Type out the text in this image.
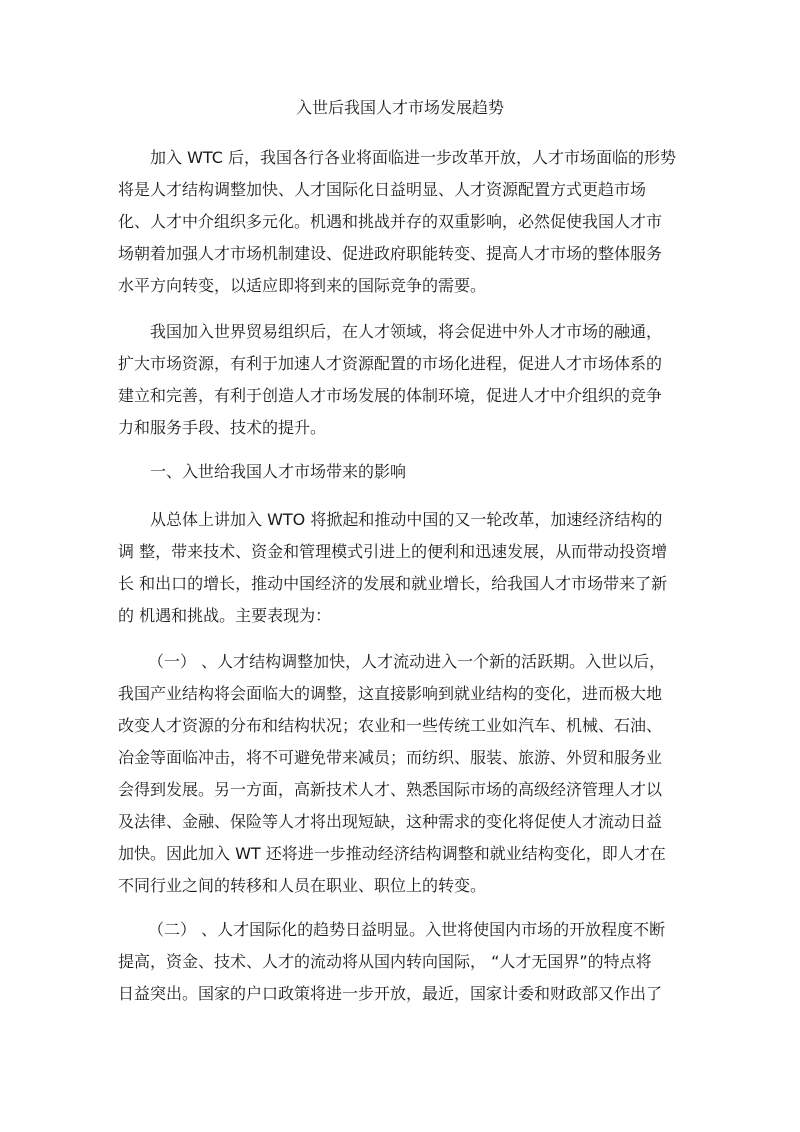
入世后我国人才市场发展趋势
加入 WTC 后，我国各行各业将面临进一步改革开放，人才市场面临的形势
将是人才结构调整加快、人才国际化日益明显、人才资源配置方式更趋市场
化、人才中介组织多元化。机遇和挑战并存的双重影响，必然促使我国人才市
场朝着加强人才市场机制建设、促进政府职能转变、提高人才市场的整体服务
水平方向转变，以适应即将到来的国际竞争的需要。
我国加入世界贸易组织后，在人才领域，将会促进中外人才市场的融通，
扩大市场资源，有利于加速人才资源配置的市场化进程，促进人才市场体系的
建立和完善，有利于创造人才市场发展的体制环境，促进人才中介组织的竞争
力和服务手段、技术的提升。
一、入世给我国人才市场带来的影响
从总体上讲加入 WTO 将掀起和推动中国的又一轮改革，加速经济结构的
调 整，带来技术、资金和管理模式引进上的便利和迅速发展，从而带动投资增
长 和出口的增长，推动中国经济的发展和就业增长，给我国人才市场带来了新
的 机遇和挑战。主要表现为：
（一） 、人才结构调整加快，人才流动进入一个新的活跃期。入世以后，
我国产业结构将会面临大的调整，这直接影响到就业结构的变化，进而极大地
改变人才资源的分布和结构状况；农业和一些传统工业如汽车、机械、石油、
冶金等面临冲击，将不可避免带来减员；而纺织、服装、旅游、外贸和服务业
会得到发展。另一方面，高新技术人才、熟悉国际市场的高级经济管理人才以
及法律、金融、保险等人才将出现短缺，这种需求的变化将促使人才流动日益
加快。因此加入 WT 还将进一步推动经济结构调整和就业结构变化，即人才在
不同行业之间的转移和人员在职业、职位上的转变。
（二） 、人才国际化的趋势日益明显。入世将使国内市场的开放程度不断
提高，资金、技术、人才的流动将从国内转向国际， “人才无国界”的特点将
日益突出。国家的户口政策将进一步开放，最近，国家计委和财政部又作出了
